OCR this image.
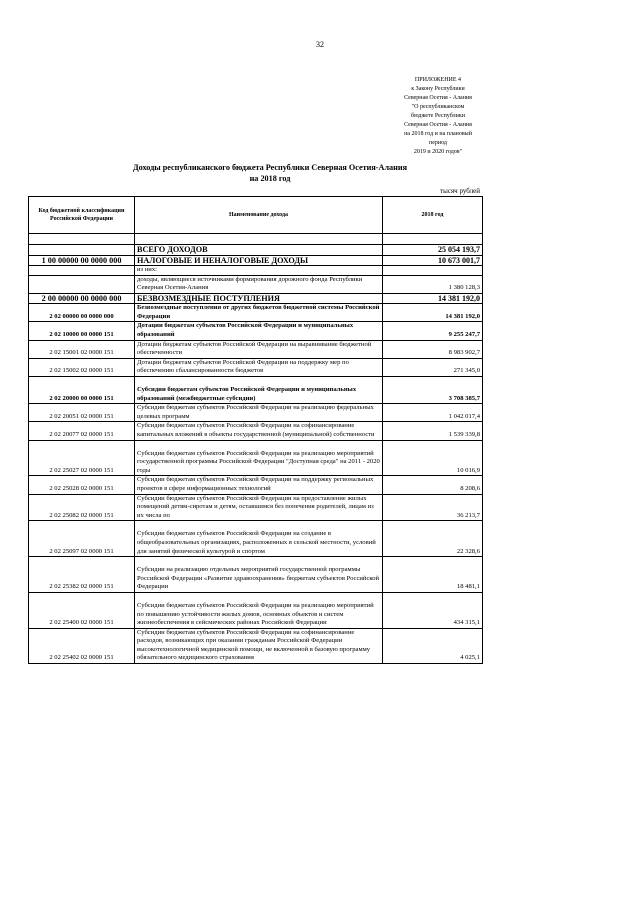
32
ПРИЛОЖЕНИЕ 4
к Закону Республики
Северная Осетия - Алания
"О республиканском
бюджете Республики
Северная Осетия - Алания
на 2018 год и на плановый
период
2019 и 2020 годов"
Доходы республиканского бюджета Республики Северная Осетия-Алания
на 2018 год
тысяч рублей
Код бюджетной классификации Российской Федерации	Наименование дохода	2018 год

	ВСЕГО ДОХОДОВ	25 054 193,7
1 00 00000 00 0000 000	НАЛОГОВЫЕ И НЕНАЛОГОВЫЕ ДОХОДЫ	10 673 001,7
	из них:	
	доходы, являющиеся источниками формирования дорожного фонда Республики Северная Осетия-Алания	1 380 128,3
2 00 00000 00 0000 000	БЕЗВОЗМЕЗДНЫЕ ПОСТУПЛЕНИЯ	14 381 192,0
2 02 00000 00 0000 000	Безвозмездные поступления от других бюджетов бюджетной системы Российской Федерации	14 381 192,0
2 02 10000 00 0000 151	Дотации бюджетам субъектов Российской Федерации и муниципальных образований	9 255 247,7
2 02 15001 02 0000 151	Дотации бюджетам субъектов Российской Федерации на выравнивание бюджетной обеспеченности	8 983 902,7
2 02 15002 02 0000 151	Дотации бюджетам субъектов Российской Федерации на поддержку мер по обеспечению сбалансированности бюджетов	271 345,0
2 02 20000 00 0000 151	Субсидии бюджетам субъектов Российской Федерации и муниципальных образований (межбюджетные субсидии)	3 708 385,7
2 02 20051 02 0000 151	Субсидии бюджетам субъектов Российской Федерации на реализацию федеральных целевых программ	1 042 017,4
2 02 20077 02 0000 151	Субсидии бюджетам субъектов Российской Федерации на софинансирование капитальных вложений в объекты государственной (муниципальной) собственности	1 539 339,8
2 02 25027 02 0000 151	Субсидии бюджетам субъектов Российской Федерации на реализацию мероприятий государственной программы Российской Федерации "Доступная среда" на 2011 - 2020 годы	10 016,9
2 02 25028 02 0000 151	Субсидии бюджетам субъектов Российской Федерации на поддержку региональных проектов в сфере информационных технологий	8 208,6
2 02 25082 02 0000 151	Субсидии бюджетам субъектов Российской Федерации на предоставление жилых помещений детям-сиротам и детям, оставшимся без попечения родителей, лицам из их числа по	36 213,7
2 02 25097 02 0000 151	Субсидии бюджетам субъектов Российской Федерации на создание в общеобразовательных организациях, расположенных в сельской местности, условий для занятий физической культурой и спортом	22 328,6
2 02 25382 02 0000 151	Субсидии на реализацию отдельных мероприятий государственной программы Российской Федерации «Развитие здравоохранения» бюджетам субъектов Российской Федерации	18 481,1
2 02 25400 02 0000 151	Субсидии бюджетам субъектов Российской Федерации на реализацию мероприятий по повышению устойчивости жилых домов, основных объектов и систем жизнеобеспечения в сейсмических районах Российской Федерации	434 315,1
2 02 25402 02 0000 151	Субсидии бюджетам субъектов Российской Федерации на софинансирование расходов, возникающих при оказании гражданам Российской Федерации высокотехнологичной медицинской помощи, не включенной в базовую программу обязательного медицинского страхования	4 025,1
